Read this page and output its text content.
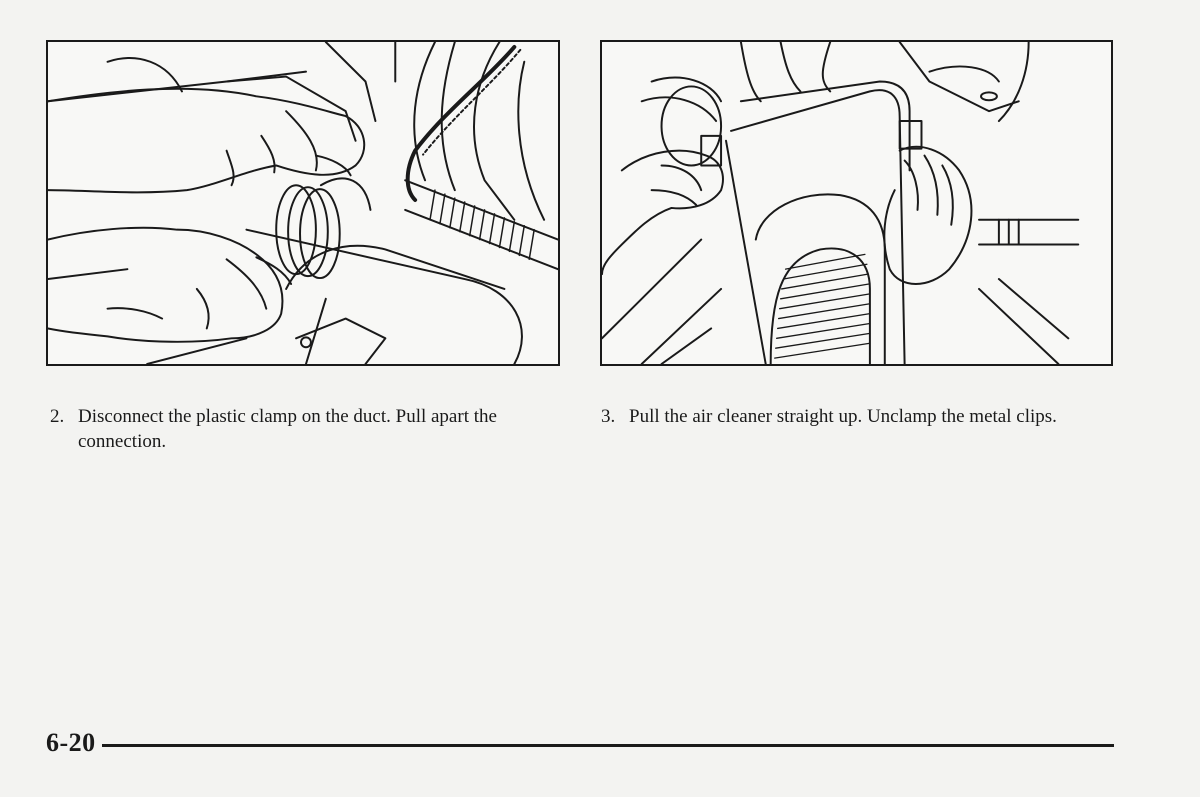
2. Disconnect the plastic clamp on the duct. Pull apart the connection.
3. Pull the air cleaner straight up. Unclamp the metal clips.
6-20
